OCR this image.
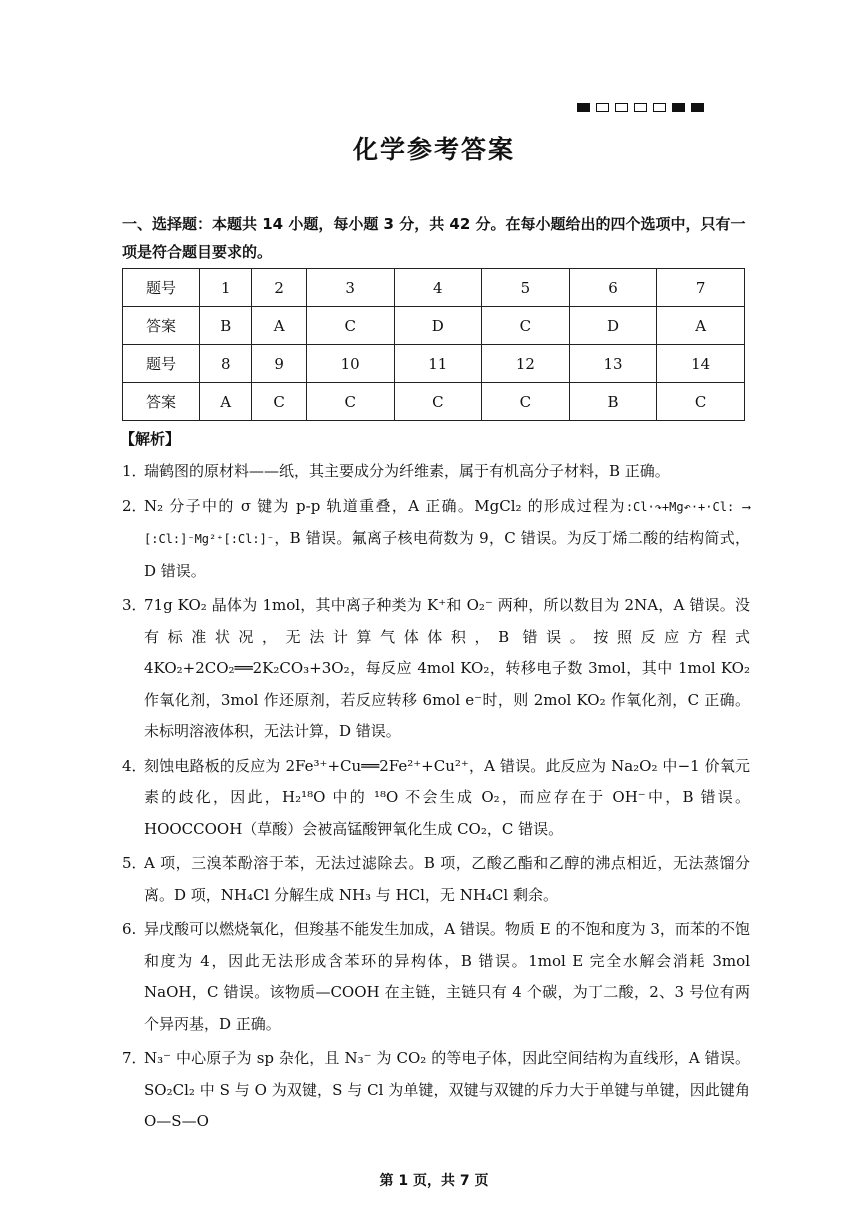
化学参考答案
一、选择题：本题共 14 小题，每小题 3 分，共 42 分。在每小题给出的四个选项中，只有一项是符合题目要求的。
题号	1	2	3	4	5	6	7
答案	B	A	C	D	C	D	A
题号	8	9	10	11	12	13	14
答案	A	C	C	C	C	B	C
【解析】
1．
瑞鹤图的原材料——纸，其主要成分为纤维素，属于有机高分子材料，B 正确。
2．
N₂ 分子中的 σ 键为 p-p 轨道重叠，A 正确。MgCl₂ 的形成过程为:Cl·↷+Mg↶·+·Cl: ⟶ [:Cl:]⁻Mg²⁺[:Cl:]⁻，B 错误。氟离子核电荷数为 9，C 错误。为反丁烯二酸的结构简式，D 错误。
3．
71g KO₂ 晶体为 1mol，其中离子种类为 K⁺和 O₂⁻ 两种，所以数目为 2NA，A 错误。没有标准状况，无法计算气体体积，B 错误。按照反应方程式 4KO₂+2CO₂══2K₂CO₃+3O₂，每反应 4mol KO₂，转移电子数 3mol，其中 1mol KO₂ 作氧化剂，3mol 作还原剂，若反应转移 6mol e⁻时，则 2mol KO₂ 作氧化剂，C 正确。未标明溶液体积，无法计算，D 错误。
4．
刻蚀电路板的反应为 2Fe³⁺+Cu══2Fe²⁺+Cu²⁺，A 错误。此反应为 Na₂O₂ 中−1 价氧元素的歧化，因此，H₂¹⁸O 中的 ¹⁸O 不会生成 O₂，而应存在于 OH⁻中，B 错误。HOOCCOOH（草酸）会被高锰酸钾氧化生成 CO₂，C 错误。
5．
A 项，三溴苯酚溶于苯，无法过滤除去。B 项，乙酸乙酯和乙醇的沸点相近，无法蒸馏分离。D 项，NH₄Cl 分解生成 NH₃ 与 HCl，无 NH₄Cl 剩余。
6. 异戊酸可以燃烧氧化，但羧基不能发生加成，A 错误。物质 E 的不饱和度为 3，而苯的不饱和度为 4，因此无法形成含苯环的异构体，B 错误。1mol E 完全水解会消耗 3mol NaOH，C 错误。该物质—COOH 在主链，主链只有 4 个碳，为丁二酸，2、3 号位有两个异丙基，D 正确。
7．
N₃⁻ 中心原子为 sp 杂化，且 N₃⁻ 为 CO₂ 的等电子体，因此空间结构为直线形，A 错误。SO₂Cl₂ 中 S 与 O 为双键，S 与 Cl 为单键，双键与双键的斥力大于单键与单键，因此键角 O—S—O
第 1 页，共 7 页
